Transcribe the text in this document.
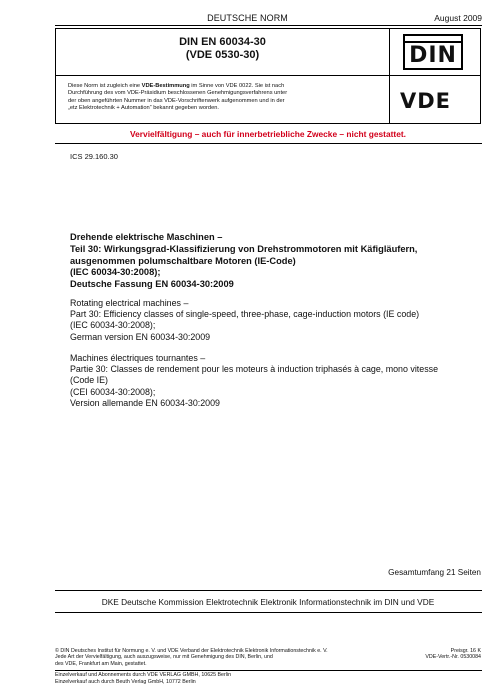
DEUTSCHE NORM	August 2009
DIN EN 60034-30
(VDE 0530-30)
Diese Norm ist zugleich eine VDE-Bestimmung im Sinne von VDE 0022. Sie ist nach
Durchführung des vom VDE-Präsidium beschlossenen Genehmigungsverfahrens unter
der oben angeführten Nummer in das VDE-Vorschriftenwerk aufgenommen und in der
„etz Elektrotechnik + Automation“ bekannt gegeben worden.
DIN
VDE
Vervielfältigung – auch für innerbetriebliche Zwecke – nicht gestattet.
ICS 29.160.30
Drehende elektrische Maschinen –
Teil 30: Wirkungsgrad-Klassifizierung von Drehstrommotoren mit Käfigläufern,
ausgenommen polumschaltbare Motoren (IE-Code)
(IEC 60034-30:2008);
Deutsche Fassung EN 60034-30:2009
Rotating electrical machines –
Part 30: Efficiency classes of single-speed, three-phase, cage-induction motors (IE code)
(IEC 60034-30:2008);
German version EN 60034-30:2009
Machines électriques tournantes –
Partie 30: Classes de rendement pour les moteurs à induction triphasés à cage, mono vitesse
(Code IE)
(CEI 60034-30:2008);
Version allemande EN 60034-30:2009
Gesamtumfang 21 Seiten
DKE Deutsche Kommission Elektrotechnik Elektronik Informationstechnik im DIN und VDE
© DIN Deutsches Institut für Normung e. V. und VDE Verband der Elektrotechnik Elektronik Informationstechnik e. V.
Jede Art der Vervielfältigung, auch auszugsweise, nur mit Genehmigung des DIN, Berlin, und
des VDE, Frankfurt am Main, gestattet.
Preisgr. 16 K
VDE-Vertr.-Nr. 0530084
Einzelverkauf und Abonnements durch VDE VERLAG GMBH, 10625 Berlin
Einzelverkauf auch durch Beuth Verlag GmbH, 10772 Berlin
